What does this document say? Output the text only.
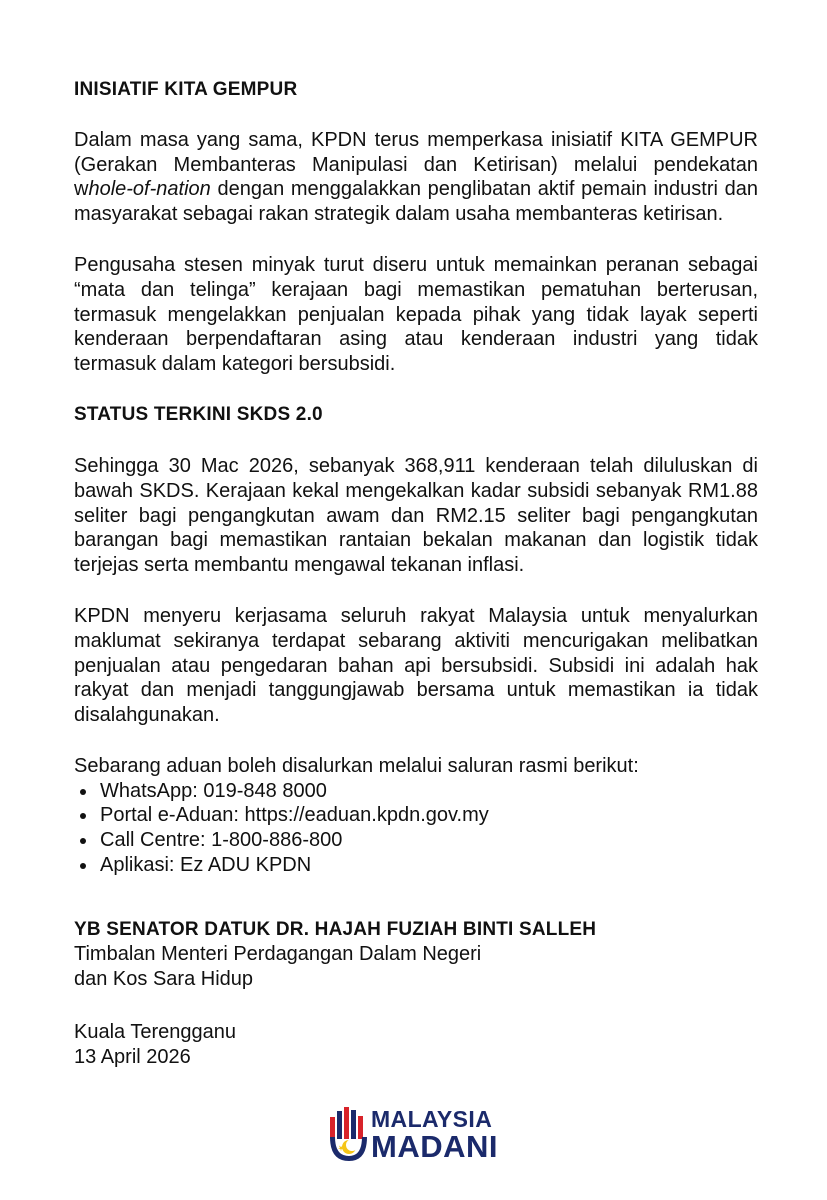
INISIATIF KITA GEMPUR

Dalam masa yang sama, KPDN terus memperkasa inisiatif KITA GEMPUR (Gerakan Membanteras Manipulasi dan Ketirisan) melalui pendekatan whole-of-nation dengan menggalakkan penglibatan aktif pemain industri dan masyarakat sebagai rakan strategik dalam usaha membanteras ketirisan.

Pengusaha stesen minyak turut diseru untuk memainkan peranan sebagai “mata dan telinga” kerajaan bagi memastikan pematuhan berterusan, termasuk mengelakkan penjualan kepada pihak yang tidak layak seperti kenderaan berpendaftaran asing atau kenderaan industri yang tidak termasuk dalam kategori bersubsidi.

STATUS TERKINI SKDS 2.0

Sehingga 30 Mac 2026, sebanyak 368,911 kenderaan telah diluluskan di bawah SKDS. Kerajaan kekal mengekalkan kadar subsidi sebanyak RM1.88 seliter bagi pengangkutan awam dan RM2.15 seliter bagi pengangkutan barangan bagi memastikan rantaian bekalan makanan dan logistik tidak terjejas serta membantu mengawal tekanan inflasi.

KPDN menyeru kerjasama seluruh rakyat Malaysia untuk menyalurkan maklumat sekiranya terdapat sebarang aktiviti mencurigakan melibatkan penjualan atau pengedaran bahan api bersubsidi. Subsidi ini adalah hak rakyat dan menjadi tanggungjawab bersama untuk memastikan ia tidak disalahgunakan.

Sebarang aduan boleh disalurkan melalui saluran rasmi berikut:

WhatsApp: 019-848 8000
Portal e-Aduan: https://eaduan.kpdn.gov.my
Call Centre: 1-800-886-800
Aplikasi: Ez ADU KPDN
YB SENATOR DATUK DR. HAJAH FUZIAH BINTI SALLEH
Timbalan Menteri Perdagangan Dalam Negeri
dan Kos Sara Hidup
Kuala Terengganu
13 April 2026
MALAYSIA
MADANI
